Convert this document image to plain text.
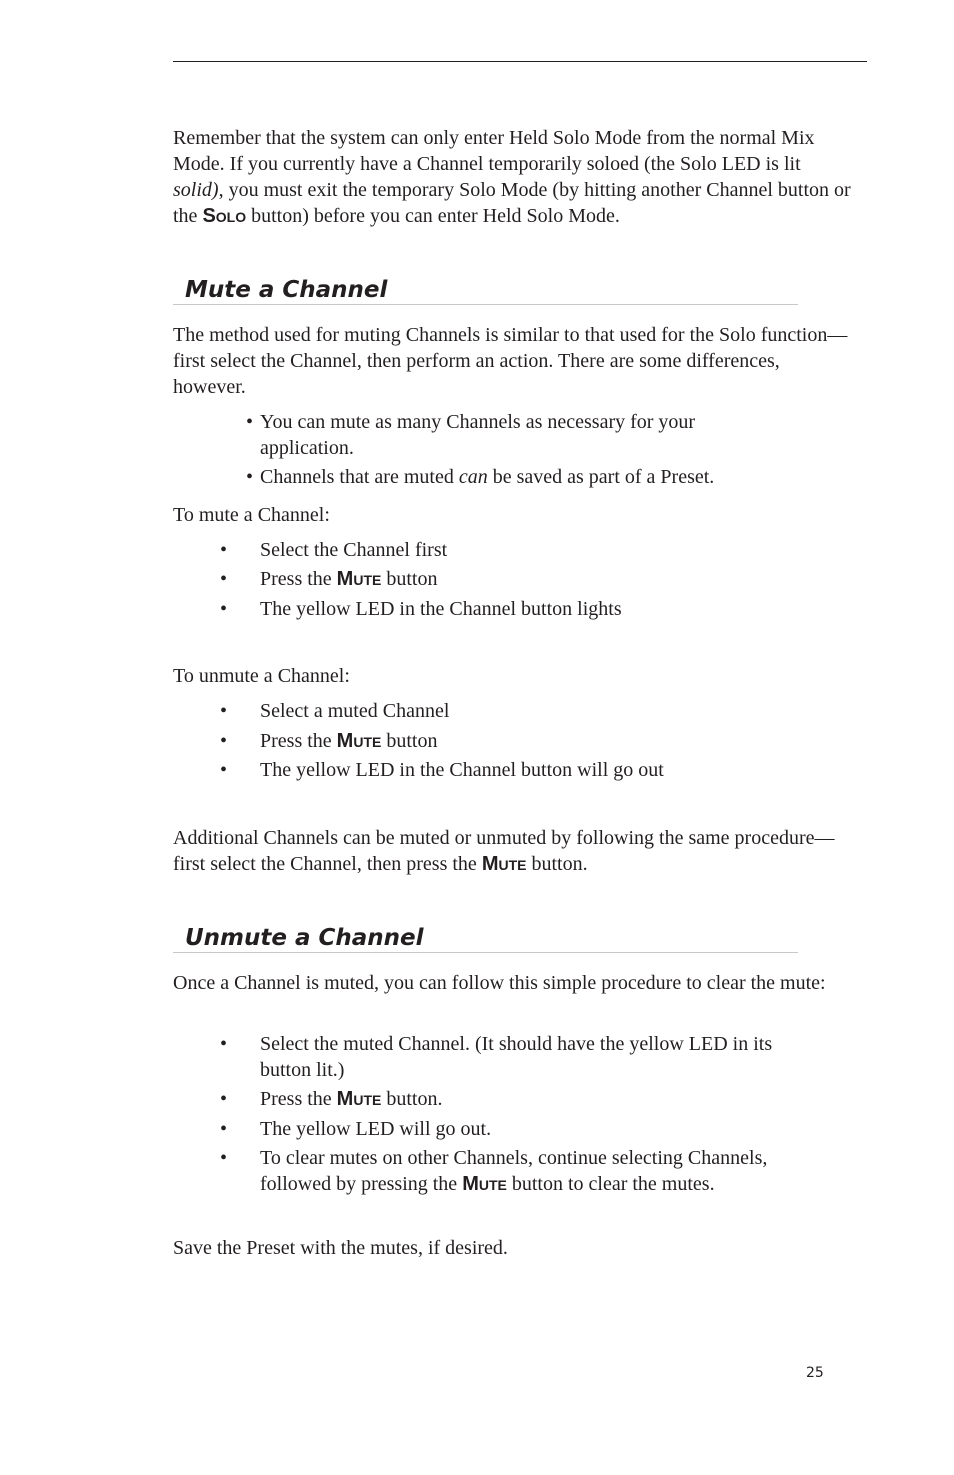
Remember that the system can only enter Held Solo Mode from the normal Mix Mode. If you currently have a Channel temporarily soloed (the Solo LED is lit solid), you must exit the temporary Solo Mode (by hitting another Channel button or the Solo button) before you can enter Held Solo Mode.

Mute a Channel

The method used for muting Channels is similar to that used for the Solo function—first select the Channel, then perform an action. There are some differences, however.

• You can mute as many Channels as necessary for your application.
• Channels that are muted can be saved as part of a Preset.

To mute a Channel:

• Select the Channel first
• Press the Mute button
• The yellow LED in the Channel button lights

To unmute a Channel:

• Select a muted Channel
• Press the Mute button
• The yellow LED in the Channel button will go out

Additional Channels can be muted or unmuted by following the same procedure—first select the Channel, then press the Mute button.

Unmute a Channel

Once a Channel is muted, you can follow this simple procedure to clear the mute:

• Select the muted Channel. (It should have the yellow LED in its button lit.)
• Press the Mute button.
• The yellow LED will go out.
• To clear mutes on other Channels, continue selecting Channels, followed by pressing the Mute button to clear the mutes.

Save the Preset with the mutes, if desired.

25
